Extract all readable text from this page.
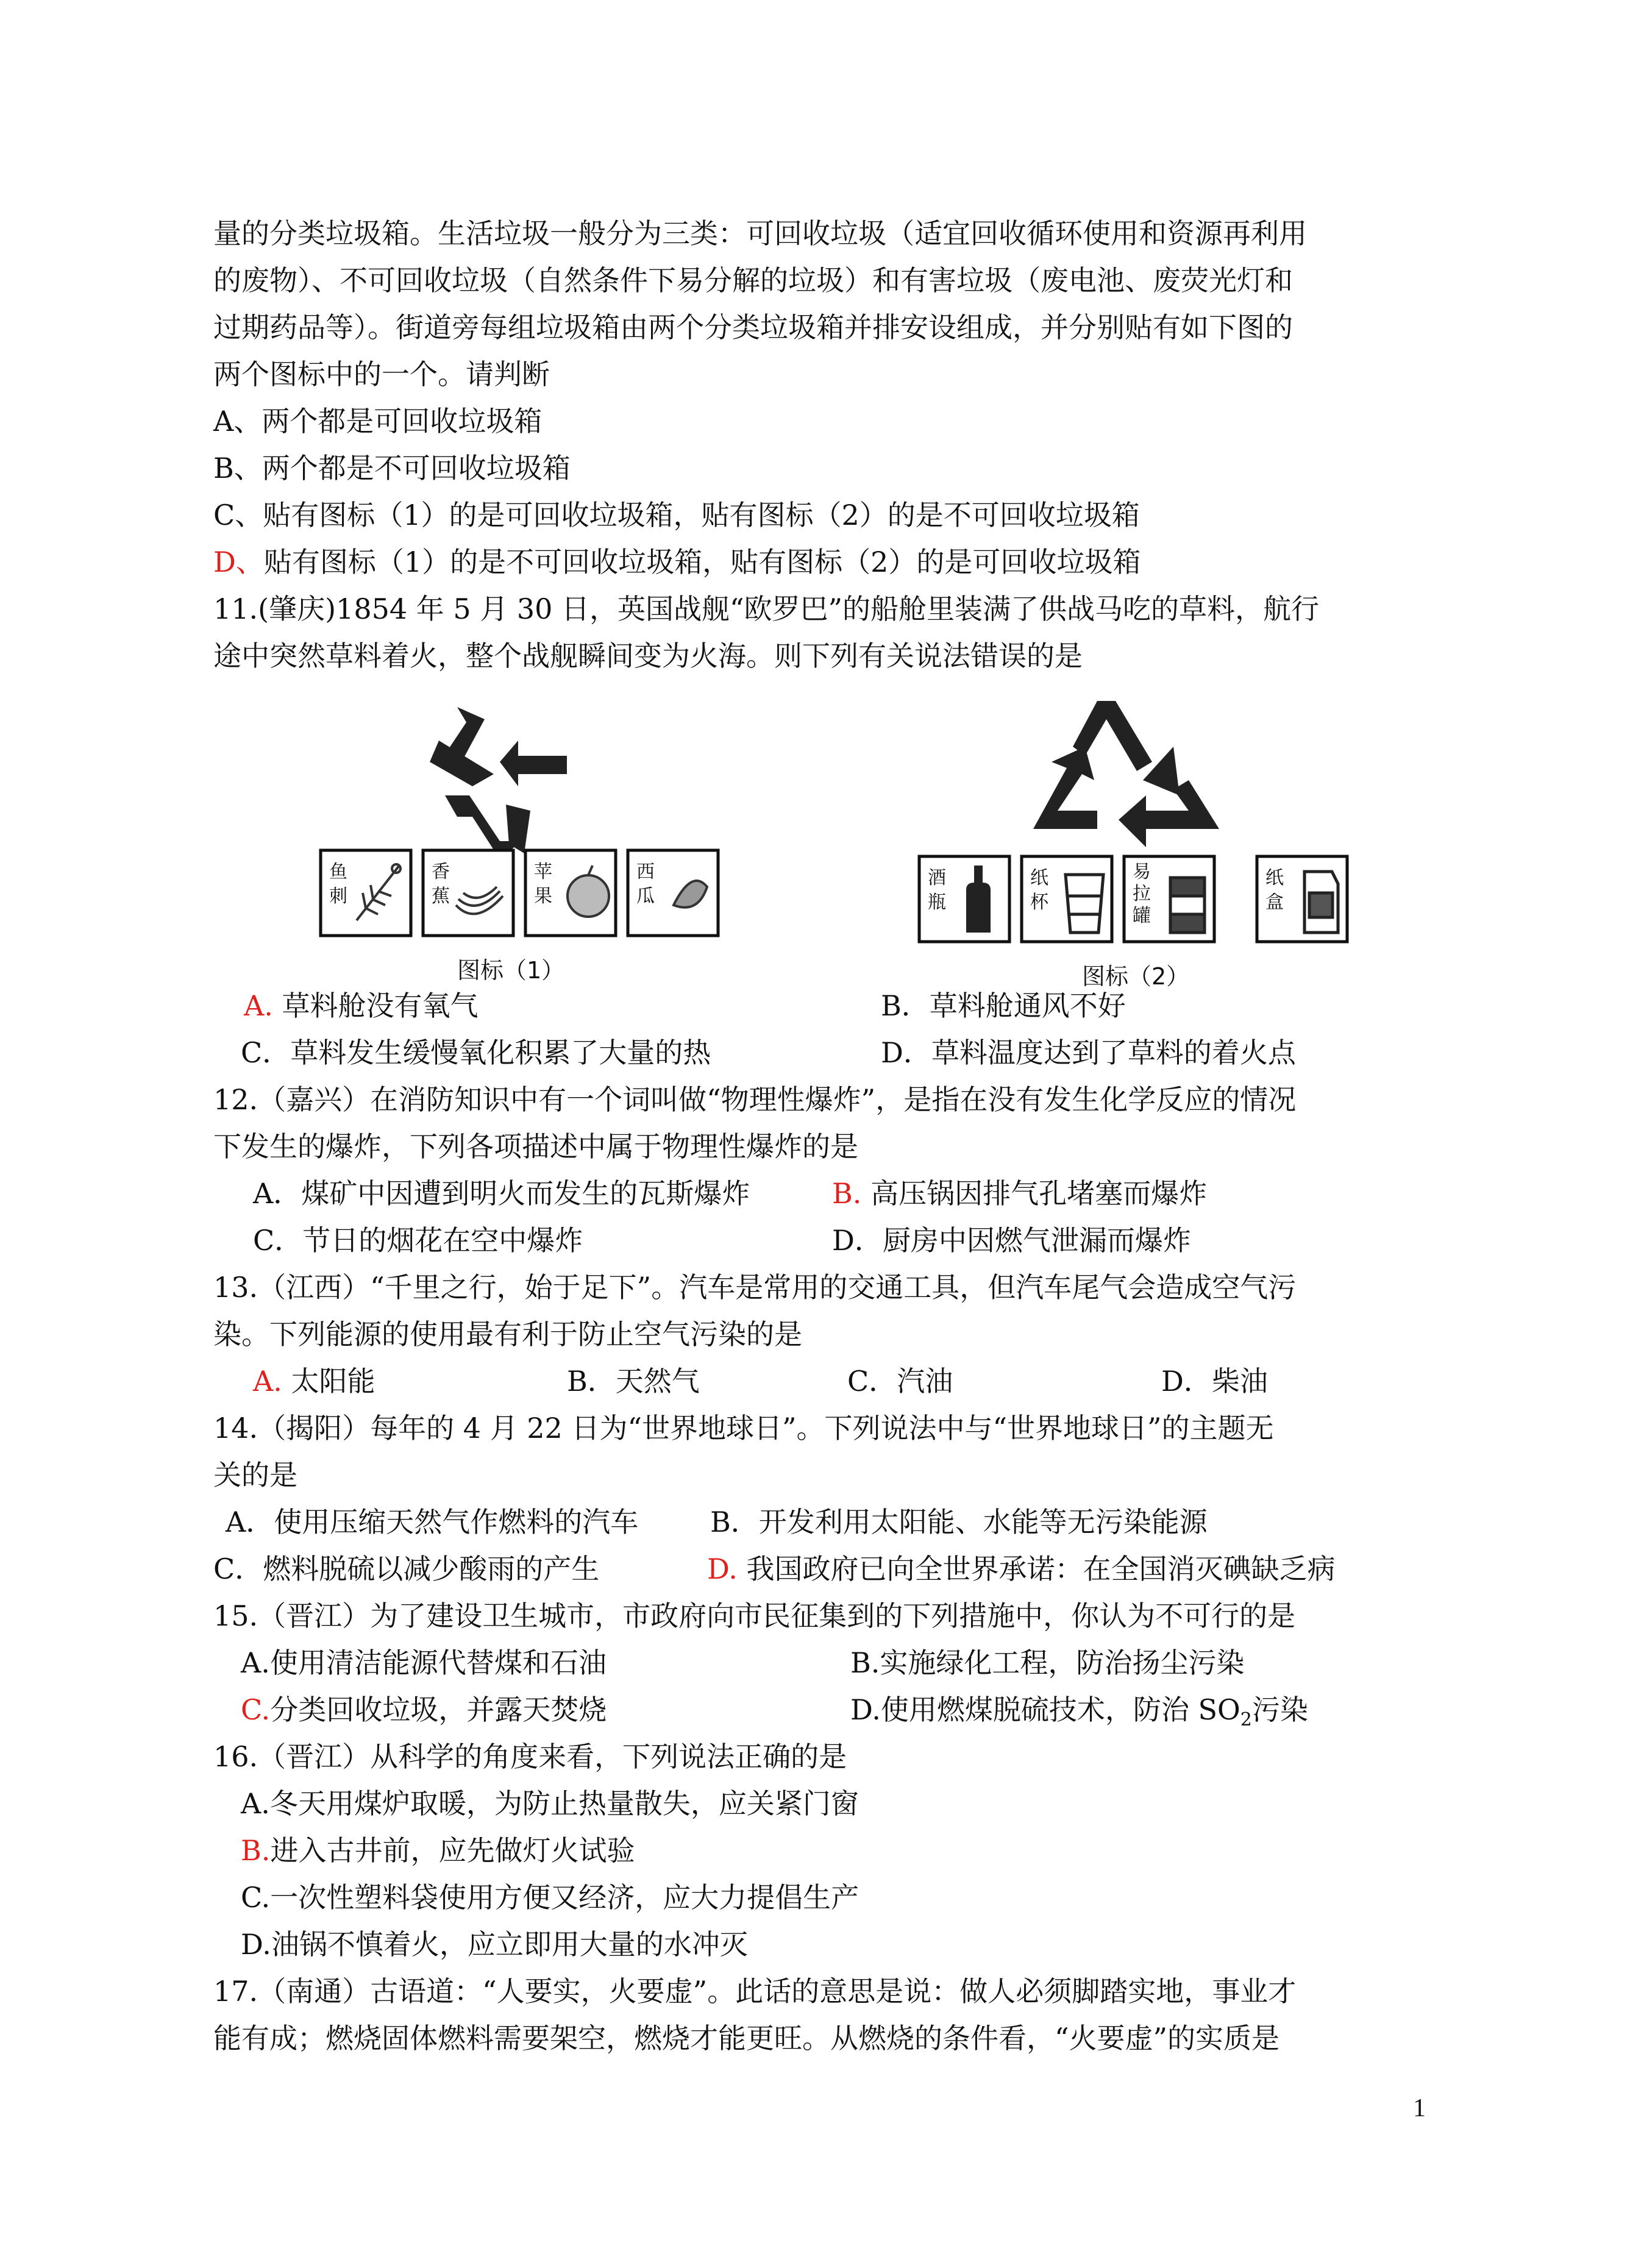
量的分类垃圾箱。生活垃圾一般分为三类：可回收垃圾（适宜回收循环使用和资源再利用
的废物）、不可回收垃圾（自然条件下易分解的垃圾）和有害垃圾（废电池、废荧光灯和
过期药品等）。街道旁每组垃圾箱由两个分类垃圾箱并排安设组成，并分别贴有如下图的
两个图标中的一个。请判断
A、两个都是可回收垃圾箱
B、两个都是不可回收垃圾箱
C、贴有图标（1）的是可回收垃圾箱，贴有图标（2）的是不可回收垃圾箱
D、贴有图标（1）的是不可回收垃圾箱，贴有图标（2）的是可回收垃圾箱
11.(肇庆)1854 年 5 月 30 日，英国战舰“欧罗巴”的船舱里装满了供战马吃的草料，航行
途中突然草料着火，整个战舰瞬间变为火海。则下列有关说法错误的是
鱼
刺
香
蕉
苹
果
西
瓜
图标（1）
酒
瓶
纸
杯
易
拉
罐
纸
盒
图标（2）
A. 草料舱没有氧气	B．草料舱通风不好
C．草料发生缓慢氧化积累了大量的热	D．草料温度达到了草料的着火点
12.（嘉兴）在消防知识中有一个词叫做“物理性爆炸”，是指在没有发生化学反应的情况
下发生的爆炸，下列各项描述中属于物理性爆炸的是
A．煤矿中因遭到明火而发生的瓦斯爆炸	B. 高压锅因排气孔堵塞而爆炸
C．节日的烟花在空中爆炸	D．厨房中因燃气泄漏而爆炸
13.（江西）“千里之行，始于足下”。汽车是常用的交通工具，但汽车尾气会造成空气污
染。下列能源的使用最有利于防止空气污染的是
A. 太阳能	B．天然气	C．汽油	D．柴油
14.（揭阳）每年的 4 月 22 日为“世界地球日”。下列说法中与“世界地球日”的主题无
关的是
A．使用压缩天然气作燃料的汽车	B．开发利用太阳能、水能等无污染能源
C．燃料脱硫以减少酸雨的产生	D. 我国政府已向全世界承诺：在全国消灭碘缺乏病
15.（晋江）为了建设卫生城市，市政府向市民征集到的下列措施中，你认为不可行的是
A.使用清洁能源代替煤和石油	B.实施绿化工程，防治扬尘污染
C.分类回收垃圾，并露天焚烧	D.使用燃煤脱硫技术，防治 $SO_2$污染
16.（晋江）从科学的角度来看，下列说法正确的是
A.冬天用煤炉取暖，为防止热量散失，应关紧门窗
B.进入古井前，应先做灯火试验
C.一次性塑料袋使用方便又经济，应大力提倡生产
D.油锅不慎着火，应立即用大量的水冲灭
17.（南通）古语道：“人要实，火要虚”。此话的意思是说：做人必须脚踏实地，事业才
能有成；燃烧固体燃料需要架空，燃烧才能更旺。从燃烧的条件看，“火要虚”的实质是
1
